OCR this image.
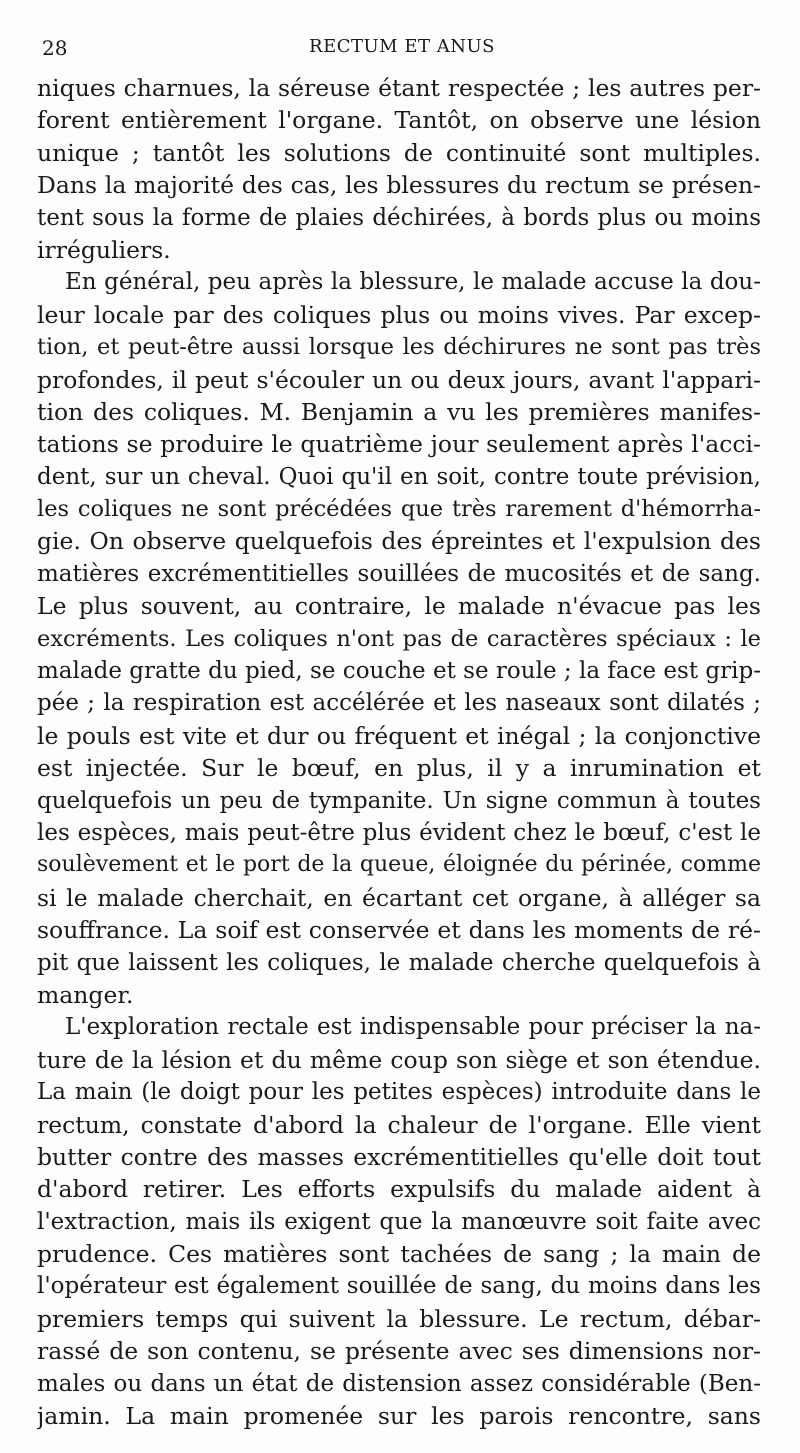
28	RECTUM ET ANUS
niques charnues, la séreuse étant respectée ; les autres per-
forent entièrement l'organe. Tantôt, on observe une lésion
unique ; tantôt les solutions de continuité sont multiples.
Dans la majorité des cas, les blessures du rectum se présen-
tent sous la forme de plaies déchirées, à bords plus ou moins
irréguliers.
En général, peu après la blessure, le malade accuse la dou-
leur locale par des coliques plus ou moins vives. Par excep-
tion, et peut-être aussi lorsque les déchirures ne sont pas très
profondes, il peut s'écouler un ou deux jours, avant l'appari-
tion des coliques. M. Benjamin a vu les premières manifes-
tations se produire le quatrième jour seulement après l'acci-
dent, sur un cheval. Quoi qu'il en soit, contre toute prévision,
les coliques ne sont précédées que très rarement d'hémorrha-
gie. On observe quelquefois des épreintes et l'expulsion des
matières excrémentitielles souillées de mucosités et de sang.
Le plus souvent, au contraire, le malade n'évacue pas les
excréments. Les coliques n'ont pas de caractères spéciaux : le
malade gratte du pied, se couche et se roule ; la face est grip-
pée ; la respiration est accélérée et les naseaux sont dilatés ;
le pouls est vite et dur ou fréquent et inégal ; la conjonctive
est injectée. Sur le bœuf, en plus, il y a inrumination et
quelquefois un peu de tympanite. Un signe commun à toutes
les espèces, mais peut-être plus évident chez le bœuf, c'est le
soulèvement et le port de la queue, éloignée du périnée, comme
si le malade cherchait, en écartant cet organe, à alléger sa
souffrance. La soif est conservée et dans les moments de ré-
pit que laissent les coliques, le malade cherche quelquefois à
manger.
L'exploration rectale est indispensable pour préciser la na-
ture de la lésion et du même coup son siège et son étendue.
La main (le doigt pour les petites espèces) introduite dans le
rectum, constate d'abord la chaleur de l'organe. Elle vient
butter contre des masses excrémentitielles qu'elle doit tout
d'abord retirer. Les efforts expulsifs du malade aident à
l'extraction, mais ils exigent que la manœuvre soit faite avec
prudence. Ces matières sont tachées de sang ; la main de
l'opérateur est également souillée de sang, du moins dans les
premiers temps qui suivent la blessure. Le rectum, débar-
rassé de son contenu, se présente avec ses dimensions nor-
males ou dans un état de distension assez considérable (Ben-
jamin. La main promenée sur les parois rencontre, sans
